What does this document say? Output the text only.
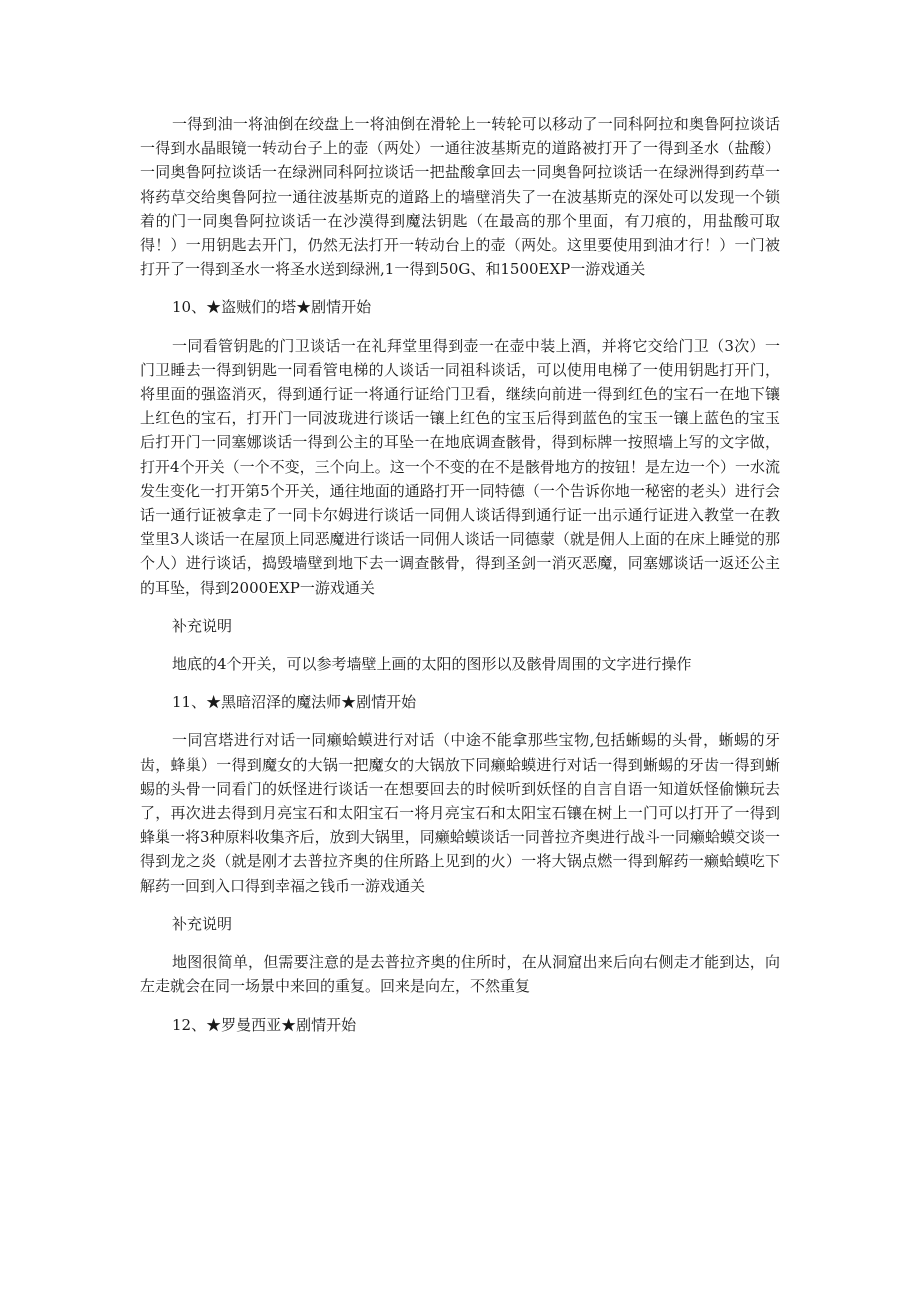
一得到油一将油倒在绞盘上一将油倒在滑轮上一转轮可以移动了一同科阿拉和奥鲁阿拉谈话一得到水晶眼镜一转动台子上的壶（两处）一通往波基斯克的道路被打开了一得到圣水（盐酸）一同奥鲁阿拉谈话一在绿洲同科阿拉谈话一把盐酸拿回去一同奥鲁阿拉谈话一在绿洲得到药草一将药草交给奥鲁阿拉一通往波基斯克的道路上的墙壁消失了一在波基斯克的深处可以发现一个锁着的门一同奥鲁阿拉谈话一在沙漠得到魔法钥匙（在最高的那个里面，有刀痕的，用盐酸可取得！）一用钥匙去开门，仍然无法打开一转动台上的壶（两处。这里要使用到油才行！）一门被打开了一得到圣水一将圣水送到绿洲,1一得到50G、和1500EXP一游戏通关

10、★盗贼们的塔★剧情开始

一同看管钥匙的门卫谈话一在礼拜堂里得到壶一在壶中装上酒，并将它交给门卫（3次）一门卫睡去一得到钥匙一同看管电梯的人谈话一同祖科谈话，可以使用电梯了一使用钥匙打开门，将里面的强盗消灭，得到通行证一将通行证给门卫看，继续向前进一得到红色的宝石一在地下镶上红色的宝石，打开门一同波珑进行谈话一镶上红色的宝玉后得到蓝色的宝玉一镶上蓝色的宝玉后打开门一同塞娜谈话一得到公主的耳坠一在地底调查骸骨，得到标牌一按照墙上写的文字做，打开4个开关（一个不变，三个向上。这一个不变的在不是骸骨地方的按钮！是左边一个）一水流发生变化一打开第5个开关，通往地面的通路打开一同特德（一个告诉你地一秘密的老头）进行会话一通行证被拿走了一同卡尔姆进行谈话一同佣人谈话得到通行证一出示通行证进入教堂一在教堂里3人谈话一在屋顶上同恶魔进行谈话一同佣人谈话一同德蒙（就是佣人上面的在床上睡觉的那个人）进行谈话，捣毁墙壁到地下去一调查骸骨，得到圣剑一消灭恶魔，同塞娜谈话一返还公主的耳坠，得到2000EXP一游戏通关

补充说明

地底的4个开关，可以参考墙壁上画的太阳的图形以及骸骨周围的文字进行操作

11、★黑暗沼泽的魔法师★剧情开始

一同宫塔进行对话一同癞蛤蟆进行对话（中途不能拿那些宝物,包括蜥蜴的头骨，蜥蜴的牙齿，蜂巢）一得到魔女的大锅一把魔女的大锅放下同癞蛤蟆进行对话一得到蜥蜴的牙齿一得到蜥蜴的头骨一同看门的妖怪进行谈话一在想要回去的时候听到妖怪的自言自语一知道妖怪偷懒玩去了，再次进去得到月亮宝石和太阳宝石一将月亮宝石和太阳宝石镶在树上一门可以打开了一得到蜂巢一将3种原料收集齐后，放到大锅里，同癞蛤蟆谈话一同普拉齐奥进行战斗一同癞蛤蟆交谈一得到龙之炎（就是刚才去普拉齐奥的住所路上见到的火）一将大锅点燃一得到解药一癞蛤蟆吃下解药一回到入口得到幸福之钱币一游戏通关

补充说明

地图很简单，但需要注意的是去普拉齐奥的住所时，在从洞窟出来后向右侧走才能到达，向左走就会在同一场景中来回的重复。回来是向左，不然重复

12、★罗曼西亚★剧情开始
